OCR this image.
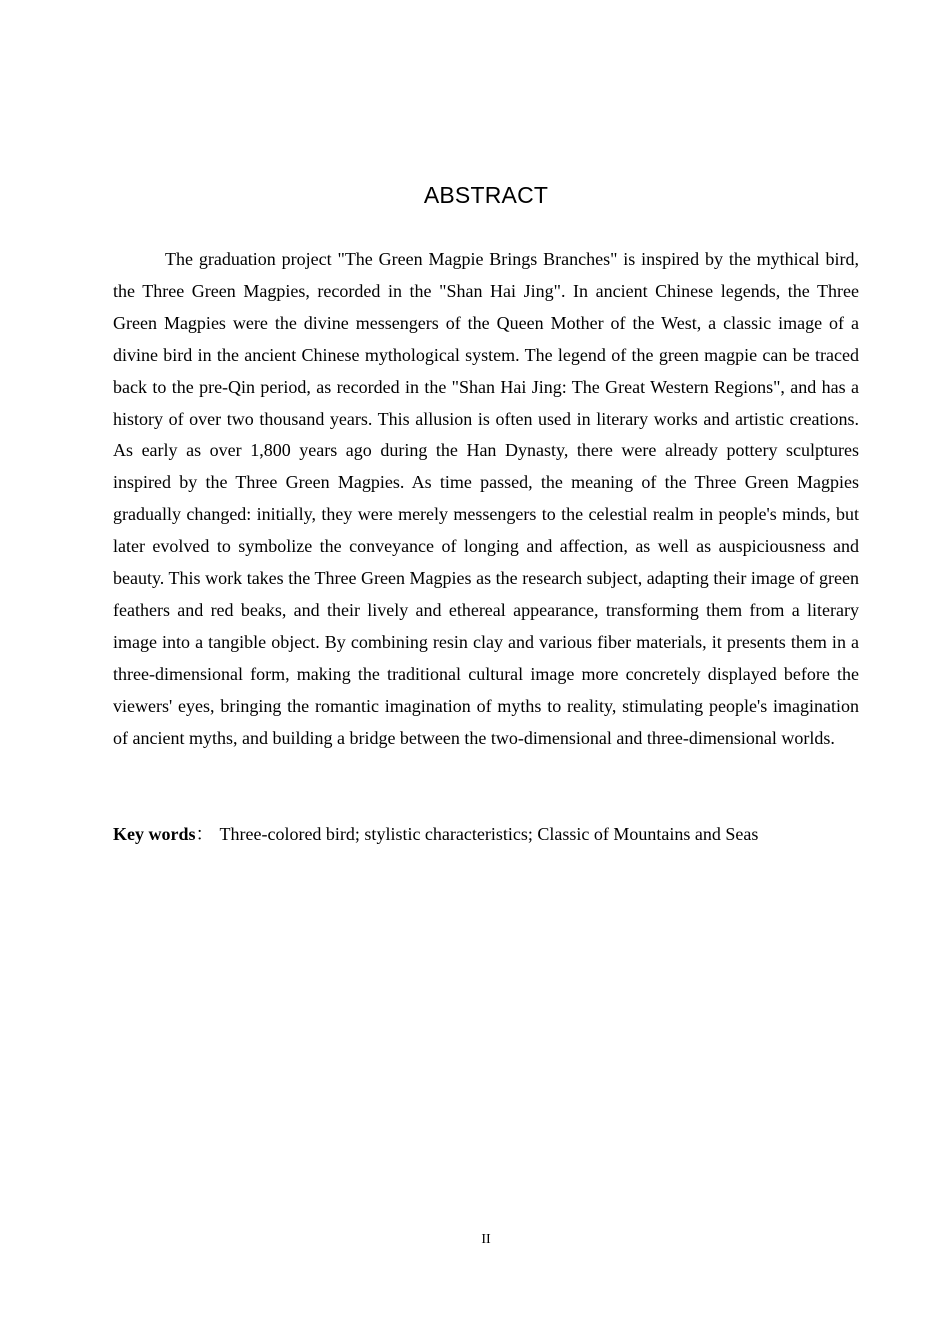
ABSTRACT

The graduation project "The Green Magpie Brings Branches" is inspired by the mythical bird, the Three Green Magpies, recorded in the "Shan Hai Jing". In ancient Chinese legends, the Three Green Magpies were the divine messengers of the Queen Mother of the West, a classic image of a divine bird in the ancient Chinese mythological system. The legend of the green magpie can be traced back to the pre-Qin period, as recorded in the "Shan Hai Jing: The Great Western Regions", and has a history of over two thousand years. This allusion is often used in literary works and artistic creations. As early as over 1,800 years ago during the Han Dynasty, there were already pottery sculptures inspired by the Three Green Magpies. As time passed, the meaning of the Three Green Magpies gradually changed: initially, they were merely messengers to the celestial realm in people's minds, but later evolved to symbolize the conveyance of longing and affection, as well as auspiciousness and beauty. This work takes the Three Green Magpies as the research subject, adapting their image of green feathers and red beaks, and their lively and ethereal appearance, transforming them from a literary image into a tangible object. By combining resin clay and various fiber materials, it presents them in a three-dimensional form, making the traditional cultural image more concretely displayed before the viewers' eyes, bringing the romantic imagination of myths to reality, stimulating people's imagination of ancient myths, and building a bridge between the two-dimensional and three-dimensional worlds.

Key words： Three-colored bird; stylistic characteristics; Classic of Mountains and Seas

II
